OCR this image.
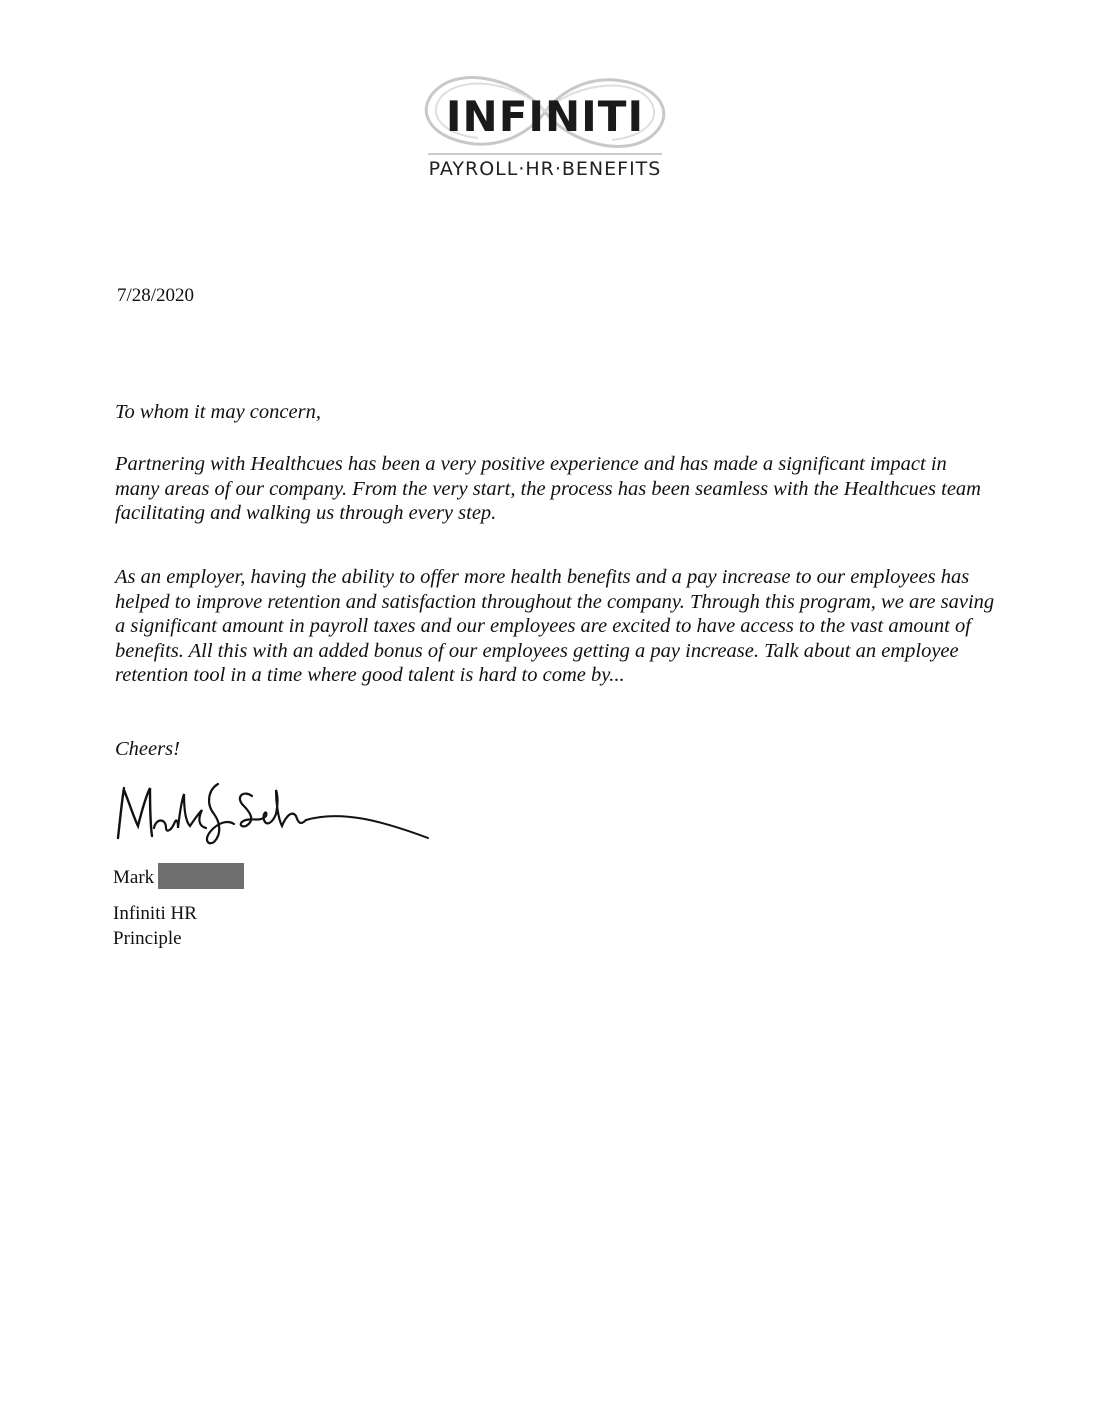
INFINITI
PAYROLL·HR·BENEFITS
7/28/2020

To whom it may concern,

Partnering with Healthcues has been a very positive experience and has made a significant impact in many areas of our company. From the very start, the process has been seamless with the Healthcues team facilitating and walking us through every step.

As an employer, having the ability to offer more health benefits and a pay increase to our employees has helped to improve retention and satisfaction throughout the company. Through this program, we are saving a significant amount in payroll taxes and our employees are excited to have access to the vast amount of benefits. All this with an added bonus of our employees getting a pay increase. Talk about an employee retention tool in a time where good talent is hard to come by...

Cheers!

Mark
Infiniti HR
Principle
